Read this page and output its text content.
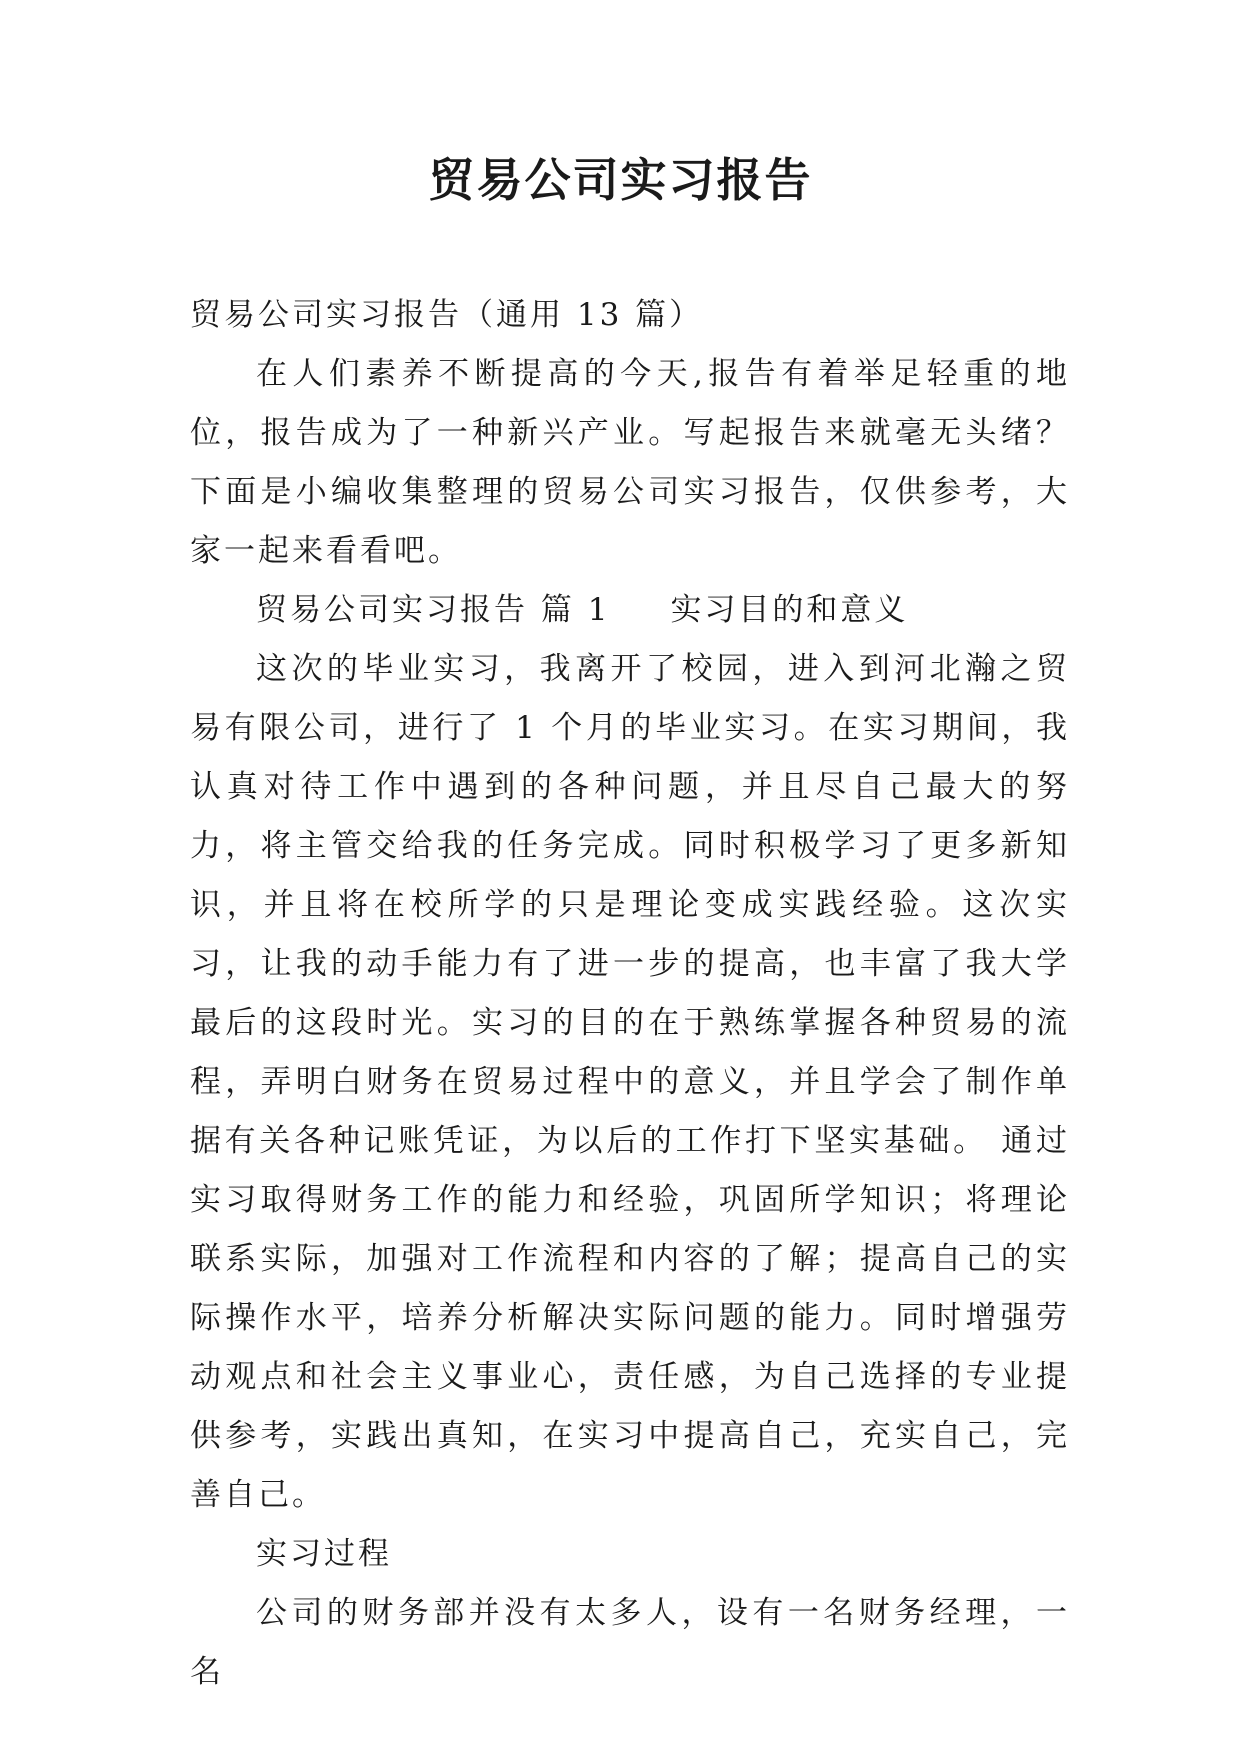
贸易公司实习报告

贸易公司实习报告（通用 13 篇）

在人们素养不断提高的今天,报告有着举足轻重的地位，报告成为了一种新兴产业。写起报告来就毫无头绪？下面是小编收集整理的贸易公司实习报告，仅供参考，大家一起来看看吧。

贸易公司实习报告 篇 1 实习目的和意义

这次的毕业实习，我离开了校园，进入到河北瀚之贸易有限公司，进行了 1 个月的毕业实习。在实习期间，我认真对待工作中遇到的各种问题，并且尽自己最大的努力，将主管交给我的任务完成。同时积极学习了更多新知识，并且将在校所学的只是理论变成实践经验。这次实习，让我的动手能力有了进一步的提高，也丰富了我大学最后的这段时光。实习的目的在于熟练掌握各种贸易的流程，弄明白财务在贸易过程中的意义，并且学会了制作单据有关各种记账凭证，为以后的工作打下坚实基础。 通过实习取得财务工作的能力和经验，巩固所学知识；将理论联系实际，加强对工作流程和内容的了解；提高自己的实际操作水平，培养分析解决实际问题的能力。同时增强劳动观点和社会主义事业心，责任感，为自己选择的专业提供参考，实践出真知，在实习中提高自己，充实自己，完善自己。

实习过程

公司的财务部并没有太多人，设有一名财务经理，一名
